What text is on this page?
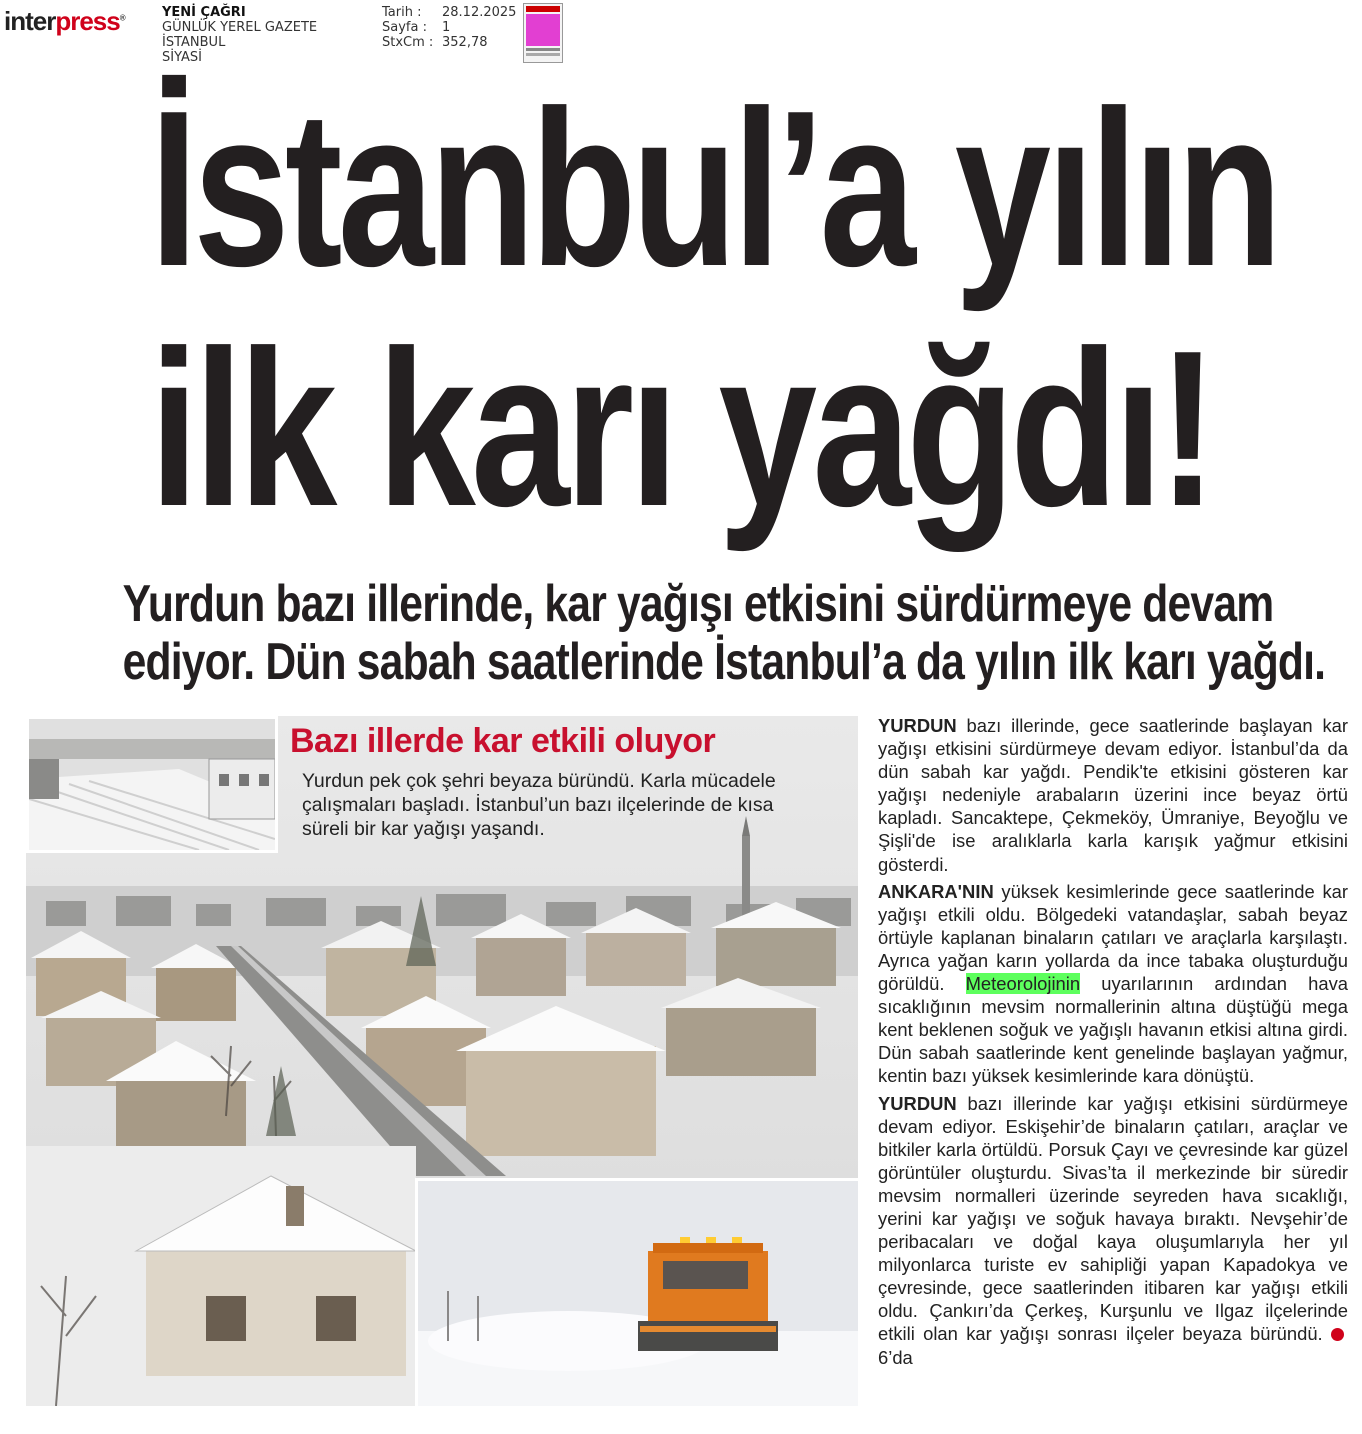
interpress®	YENİ ÇAĞRI
GÜNLÜK YEREL GAZETE
İSTANBUL
SİYASİ
Tarih :	28.12.2025
Sayfa :	1
StxCm : 352,78
İstanbul’a yılın
ilk karı yağdı!
Yurdun bazı illerinde, kar yağışı etkisini sürdürmeye devam
ediyor. Dün sabah saatlerinde İstanbul’a da yılın ilk karı yağdı.
Bazı illerde kar etkili oluyor
Yurdun pek çok şehri beyaza büründü. Karla mücadele çalışmaları başladı. İstanbul’un bazı ilçelerinde de kısa süreli bir kar yağışı yaşandı.

YURDUN bazı illerinde, gece saatlerinde başlayan kar yağışı etkisini sürdürmeye devam ediyor. İstanbul’da da dün sabah kar yağdı. Pendik'te etkisini gösteren kar yağışı nedeniyle arabaların üzerini ince beyaz örtü kapladı. Sancaktepe, Çekmeköy, Ümraniye, Beyoğlu ve Şişli'de ise aralıklarla karla karışık yağmur etkisini gösterdi.

ANKARA'NIN yüksek kesimlerinde gece saatlerinde kar yağışı etkili oldu. Bölgedeki vatandaşlar, sabah beyaz örtüyle kaplanan binaların çatıları ve araçlarla karşılaştı. Ayrıca yağan karın yollarda da ince tabaka oluşturduğu görüldü. Meteorolojinin uyarılarının ardından hava sıcaklığının mevsim normallerinin altına düştüğü mega kent beklenen soğuk ve yağışlı havanın etkisi altına girdi. Dün sabah saatlerinde kent genelinde başlayan yağmur, kentin bazı yüksek kesimlerinde kara dönüştü.

YURDUN bazı illerinde kar yağışı etkisini sürdürmeye devam ediyor. Eskişehir’de binaların çatıları, araçlar ve bitkiler karla örtüldü. Porsuk Çayı ve çevresinde kar güzel görüntüler oluşturdu. Sivas’ta il merkezinde bir süredir mevsim normalleri üzerinde seyreden hava sıcaklığı, yerini kar yağışı ve soğuk havaya bıraktı. Nevşehir’de peribacaları ve doğal kaya oluşumlarıyla her yıl milyonlarca turiste ev sahipliği yapan Kapadokya ve çevresinde, gece saatlerinden itibaren kar yağışı etkili oldu. Çankırı’da Çerkeş, Kurşunlu ve Ilgaz ilçelerinde etkili olan kar yağışı sonrası ilçeler beyaza büründü. 6’da
